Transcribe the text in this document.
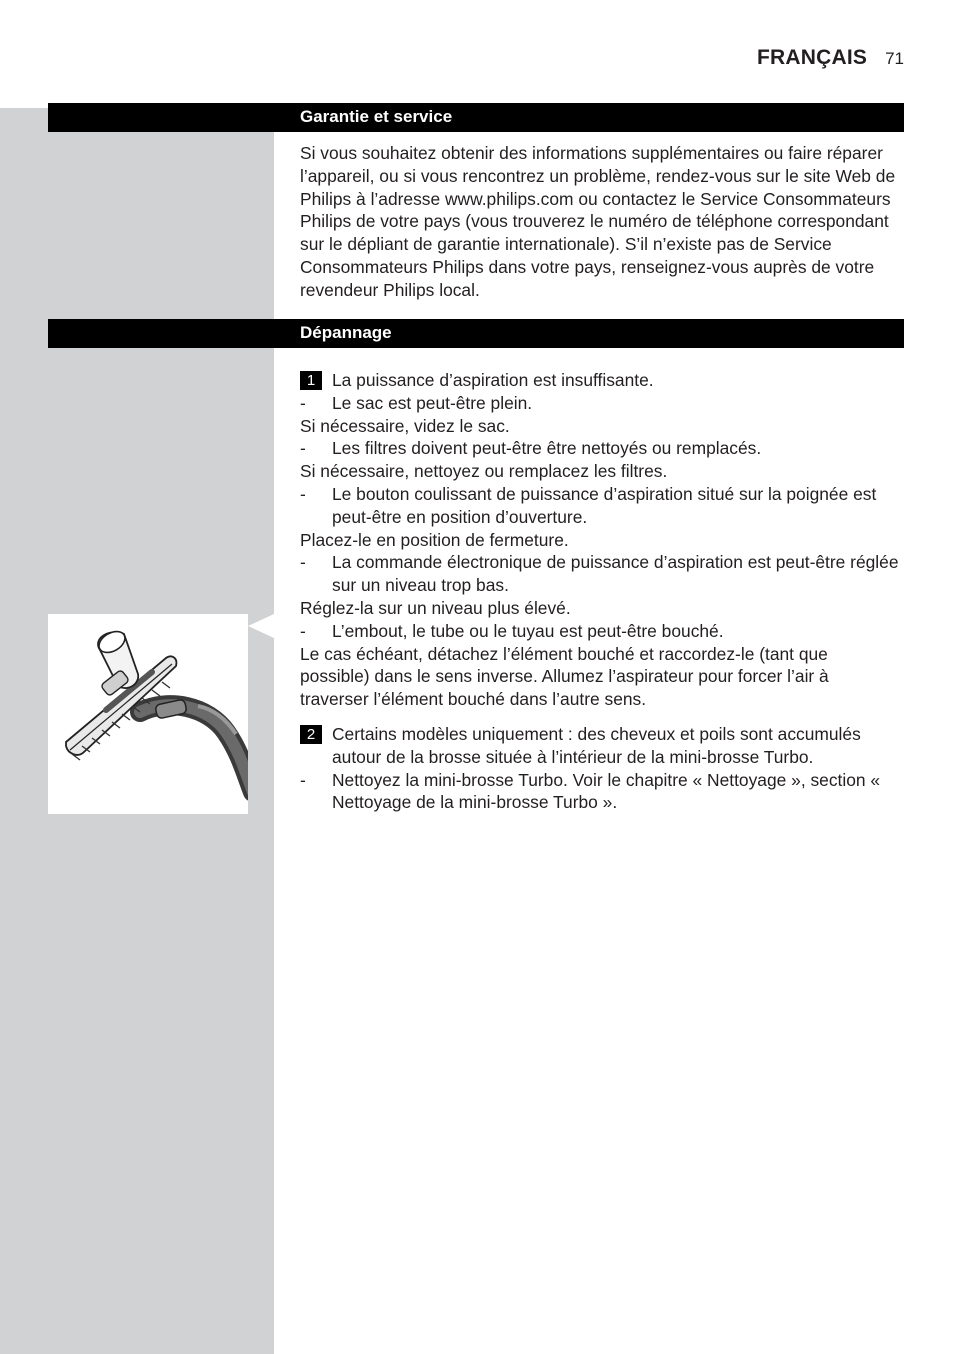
FRANÇAIS 71
Garantie et service

Si vous souhaitez obtenir des informations supplémentaires ou faire réparer l’appareil, ou si vous rencontrez un problème, rendez-vous sur le site Web de Philips à l’adresse www.philips.com ou contactez le Service Consommateurs Philips de votre pays (vous trouverez le numéro de téléphone correspondant sur le dépliant de garantie internationale). S’il n’existe pas de Service Consommateurs Philips dans votre pays, renseignez-vous auprès de votre revendeur Philips local.

Dépannage
1 La puissance d’aspiration est insuffisante.
-	Le sac est peut-être plein.
Si nécessaire, videz le sac.
-	Les filtres doivent peut-être être nettoyés ou remplacés.
Si nécessaire, nettoyez ou remplacez les filtres.
-	Le bouton coulissant de puissance d’aspiration situé sur la poignée est peut-être en position d’ouverture.
Placez-le en position de fermeture.
-	La commande électronique de puissance d’aspiration est peut-être réglée sur un niveau trop bas.
Réglez-la sur un niveau plus élevé.
-	L’embout, le tube ou le tuyau est peut-être bouché.
Le cas échéant, détachez l’élément bouché et raccordez-le (tant que possible) dans le sens inverse. Allumez l’aspirateur pour forcer l’air à traverser l’élément bouché dans l’autre sens.
2 Certains modèles uniquement : des cheveux et poils sont accumulés autour de la brosse située à l’intérieur de la mini-brosse Turbo.
-	Nettoyez la mini-brosse Turbo. Voir le chapitre « Nettoyage », section « Nettoyage de la mini-brosse Turbo ».
